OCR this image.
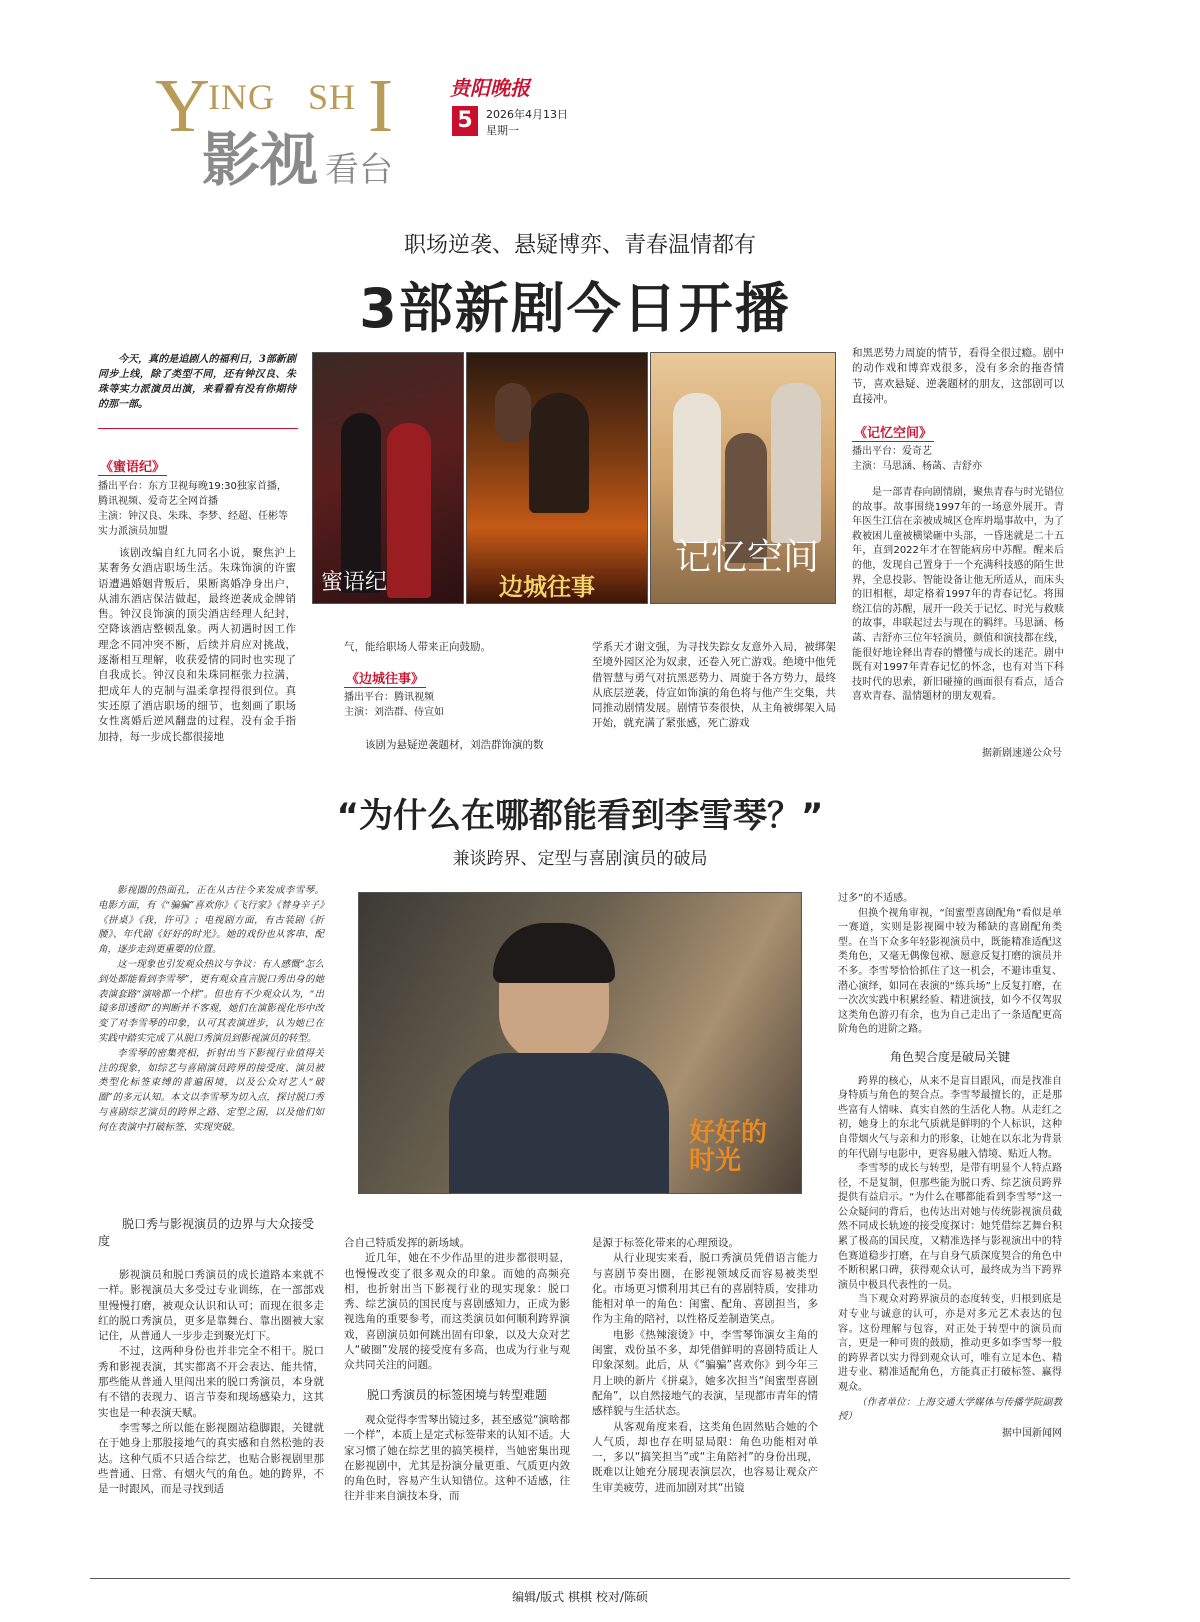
Y
ING SH I
影视 看台
贵阳晚报
5	2026年4月13日
星期一
职场逆袭、悬疑博弈、青春温情都有
3部新剧今日开播
今天，真的是追剧人的福利日，3部新剧同步上线，除了类型不同，还有钟汉良、朱珠等实力派演员出演，来看看有没有你期待的那一部。
《蜜语纪》
播出平台：东方卫视每晚19:30独家首播，腾讯视频、爱奇艺全网首播
主演：钟汉良、朱珠、李梦、经超、任彬等实力派演员加盟

该剧改编自红九同名小说，聚焦沪上某奢务女酒店职场生活。朱珠饰演的许蜜语遭遇婚姻背叛后，果断离婚净身出户，从浦东酒店保洁做起，最终逆袭成金牌销售。钟汉良饰演的顶尖酒店经理人纪封，空降该酒店整顿乱象。两人初遇时因工作理念不同冲突不断，后续并肩应对挑战，逐渐相互理解，收获爱情的同时也实现了自我成长。钟汉良和朱珠同框张力拉满，把成年人的克制与温柔拿捏得很到位。真实还原了酒店职场的细节，也刻画了职场女性离婚后逆风翻盘的过程，没有金手指加持，每一步成长都很接地

蜜语纪	边城往事
记忆空间

气，能给职场人带来正向鼓励。

《边城往事》
播出平台：腾讯视频
主演：刘浩群、侍宣如

该剧为悬疑逆袭题材，刘浩群饰演的数

学系天才谢文强，为寻找失踪女友意外入局，被绑架至境外园区沦为奴隶，还卷入死亡游戏。绝境中他凭借智慧与勇气对抗黑恶势力、周旋于各方势力，最终从底层逆袭，侍宣如饰演的角色将与他产生交集，共同推动剧情发展。剧情节奏很快，从主角被绑架入局开始，就充满了紧张感，死亡游戏

和黑恶势力周旋的情节，看得全很过瘾。剧中的动作戏和博弈戏很多，没有多余的拖沓情节，喜欢悬疑、逆袭题材的朋友，这部剧可以直接冲。

《记忆空间》
播出平台：爱奇艺
主演：马思涵、杨菡、吉舒亦

是一部青春向剧情剧，聚焦青春与时光错位的故事。故事围绕1997年的一场意外展开。青年医生江信在亲被成城区仓库坍塌事故中，为了救被困儿童被横梁砸中头部，一昏迷就是二十五年，直到2022年才在智能病房中苏醒。醒来后的他，发现自己置身于一个充满科技感的陌生世界，全息投影、智能设备让他无所适从，而床头的旧相框，却定格着1997年的青春记忆。将围绕江信的苏醒，展开一段关于记忆、时光与救赎的故事，串联起过去与现在的羁绊。马思涵、杨菡、吉舒亦三位年轻演员，颜值和演技都在线，能很好地诠释出青春的懵懂与成长的迷茫。剧中既有对1997年青春记忆的怀念，也有对当下科技时代的思索，新旧碰撞的画面很有看点，适合喜欢青春、温情题材的朋友观看。

据新剧速递公众号
“为什么在哪都能看到李雪琴？”
兼谈跨界、定型与喜剧演员的破局

影视圈的热面孔，正在从古往今来发成李雪琴。电影方面，有《“骗骗”喜欢你》《飞行家》《替身辛子》《拼桌》《我，许可》；电视剧方面，有古装剧《折腰》、年代剧《好好的时光》。她的戏份也从客串、配角，逐步走到更重要的位置。

这一现象也引发观众热议与争议：有人感慨“怎么到处都能看到李雪琴”，更有观众直言脱口秀出身的她表演套路“演啥都一个样”。但也有不少观众认为，“出镜多即透彻”的判断并不客观，她们在演影视化形中改变了对李雪琴的印象，认可其表演进步，认为她已在实践中踏实完成了从脱口秀演员到影视演员的转型。

李雪琴的密集亮相，折射出当下影视行业值得关注的现象，如综艺与喜剧演员跨界的接受度、演员被类型化标签束缚的普遍困境，以及公众对艺人“破圈”的多元认知。本文以李雪琴为切入点，探讨脱口秀与喜剧综艺演员的跨界之路、定型之困，以及他们如何在表演中打破标签、实现突破。	好好的时光
脱口秀与影视演员的边界与大众接受度

影视演员和脱口秀演员的成长道路本来就不一样。影视演员大多受过专业训练，在一部部戏里慢慢打磨，被观众认识和认可；而现在很多走红的脱口秀演员，更多是靠舞台、靠出圈被大家记住，从普通人一步步走到聚光灯下。

不过，这两种身份也并非完全不相干。脱口秀和影视表演，其实都离不开会表达、能共情，那些能从普通人里闯出来的脱口秀演员，本身就有不错的表现力、语言节奏和现场感染力，这其实也是一种表演天赋。

李雪琴之所以能在影视圈站稳脚跟，关键就在于她身上那股接地气的真实感和自然松弛的表达。这种气质不只适合综艺，也贴合影视剧里那些普通、日常、有烟火气的角色。她的跨界，不是一时跟风，而是寻找到适

合自己特质发挥的新场域。

近几年，她在不少作品里的进步都很明显，也慢慢改变了很多观众的印象。而她的高频亮相，也折射出当下影视行业的现实现象：脱口秀、综艺演员的国民度与喜剧感知力，正成为影视选角的重要参考，而这类演员如何顺利跨界演戏，喜剧演员如何跳出固有印象，以及大众对艺人“破圈”发展的接受度有多高，也成为行业与观众共同关注的问题。

脱口秀演员的标签困境与转型难题

观众觉得李雪琴出镜过多，甚至感觉“演啥都一个样”，本质上是定式标签带来的认知不适。大家习惯了她在综艺里的搞笑模样，当她密集出现在影视剧中，尤其是扮演分量更重、气质更内敛的角色时，容易产生认知错位。这种不适感，往往并非来自演技本身，而

是源于标签化带来的心理预设。

从行业现实来看，脱口秀演员凭借语言能力与喜剧节奏出圈，在影视领域反而容易被类型化。市场更习惯利用其已有的喜剧特质，安排功能相对单一的角色：闺蜜、配角、喜剧担当，多作为主角的陪衬，以性格反差制造笑点。

电影《热辣滚烫》中，李雪琴饰演女主角的闺蜜，戏份虽不多，却凭借鲜明的喜剧特质让人印象深刻。此后，从《“骗骗”喜欢你》到今年三月上映的新片《拼桌》，她多次担当“闺蜜型喜剧配角”，以自然接地气的表演，呈现都市青年的情感样貌与生活状态。

从客观角度来看，这类角色固然贴合她的个人气质，却也存在明显局限：角色功能相对单一，多以“搞笑担当”或“主角陪衬”的身份出现，既难以让她充分展现表演层次，也容易让观众产生审美疲劳，进而加剧对其“出镜

过多”的不适感。

但换个视角审视，“闺蜜型喜剧配角”看似是单一赛道，实则是影视圈中较为稀缺的喜剧配角类型。在当下众多年轻影视演员中，既能精准适配这类角色，又毫无偶像包袱、愿意反复打磨的演员并不多。李雪琴恰恰抓住了这一机会，不避讳重复、潜心演绎，如同在表演的“练兵场”上反复打磨，在一次次实践中积累经验、精进演技，如今不仅驾驭这类角色游刃有余，也为自己走出了一条适配更高阶角色的进阶之路。

角色契合度是破局关键

跨界的核心，从来不是盲目跟风，而是找准自身特质与角色的契合点。李雪琴最擅长的，正是那些富有人情味、真实自然的生活化人物。从走红之初，她身上的东北气质就是鲜明的个人标识，这种自带烟火气与亲和力的形象，让她在以东北为背景的年代剧与电影中，更容易融入情境、贴近人物。

李雪琴的成长与转型，是带有明显个人特点路径，不是复制，但那些能为脱口秀、综艺演员跨界提供有益启示。“为什么在哪都能看到李雪琴”这一公众疑问的背后，也传达出对她与传统影视演员截然不同成长轨迹的接受度探讨：她凭借综艺舞台积累了极高的国民度，又精准选择与影视演出中的特色赛道稳步打磨，在与自身气质深度契合的角色中不断积累口碑，获得观众认可，最终成为当下跨界演员中极具代表性的一员。

当下观众对跨界演员的态度转变，归根到底是对专业与诚意的认可，亦是对多元艺术表达的包容。这份理解与包容，对正处于转型中的演员而言，更是一种可贵的鼓励，推动更多如李雪琴一般的跨界者以实力得到观众认可，唯有立足本色、精进专业、精准适配角色，方能真正打破标签、赢得观众。

（作者单位：上海交通大学媒体与传播学院副教授）

据中国新闻网
编辑/版式 棋棋 校对/陈硕
